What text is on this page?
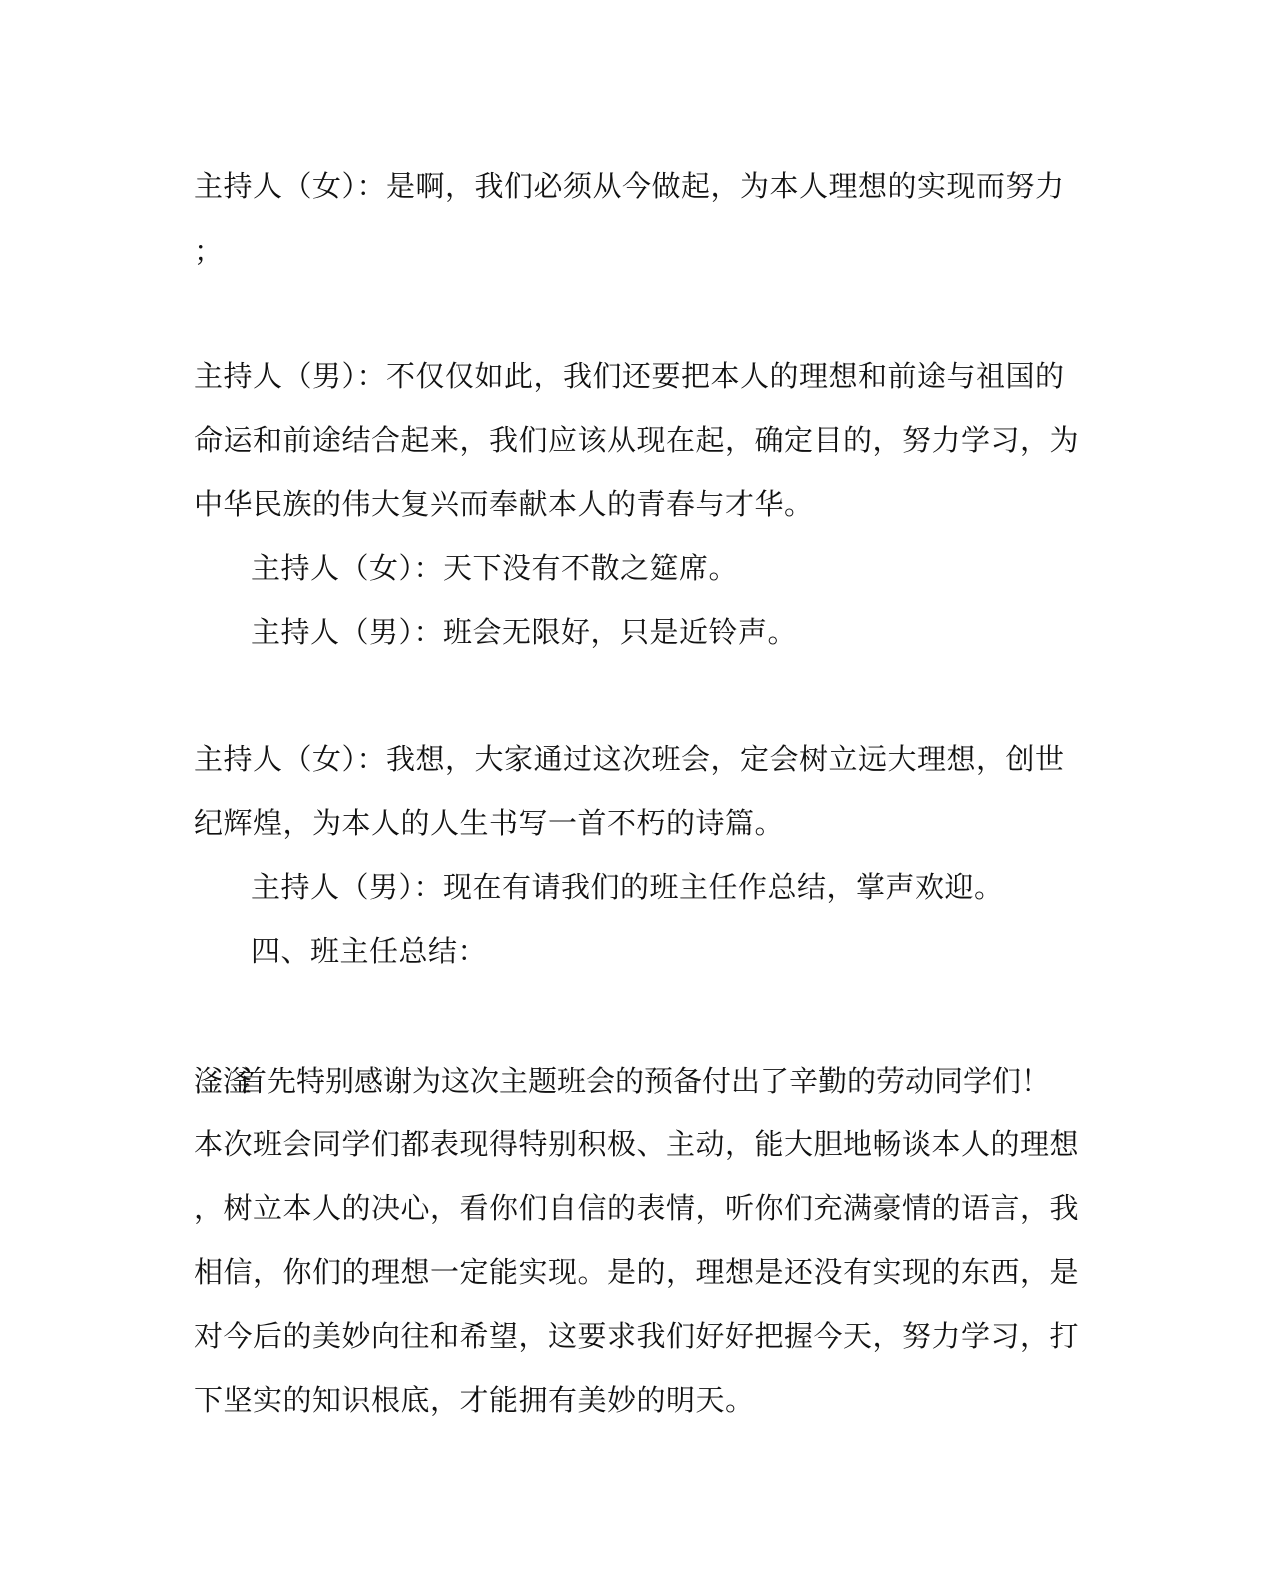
主持人（女）：是啊，我们必须从今做起，为本人理想的实现而努力
；
主持人（男）：不仅仅如此，我们还要把本人的理想和前途与祖国的
命运和前途结合起来，我们应该从现在起，确定目的，努力学习，为
中华民族的伟大复兴而奉献本人的青春与才华。
主持人（女）：天下没有不散之筵席。
主持人（男）：班会无限好，只是近铃声。
主持人（女）：我想，大家通过这次班会，定会树立远大理想，创世
纪辉煌，为本人的人生书写一首不朽的诗篇。
主持人（男）：现在有请我们的班主任作总结，掌声欢迎。
四、班主任总结：
滏滏
首先特别感谢为这次主题班会的预备付出了辛勤的劳动同学们！
本次班会同学们都表现得特别积极、主动，能大胆地畅谈本人的理想
，树立本人的决心，看你们自信的表情，听你们充满豪情的语言，我
相信，你们的理想一定能实现。是的，理想是还没有实现的东西，是
对今后的美妙向往和希望，这要求我们好好把握今天，努力学习，打
下坚实的知识根底，才能拥有美妙的明天。
